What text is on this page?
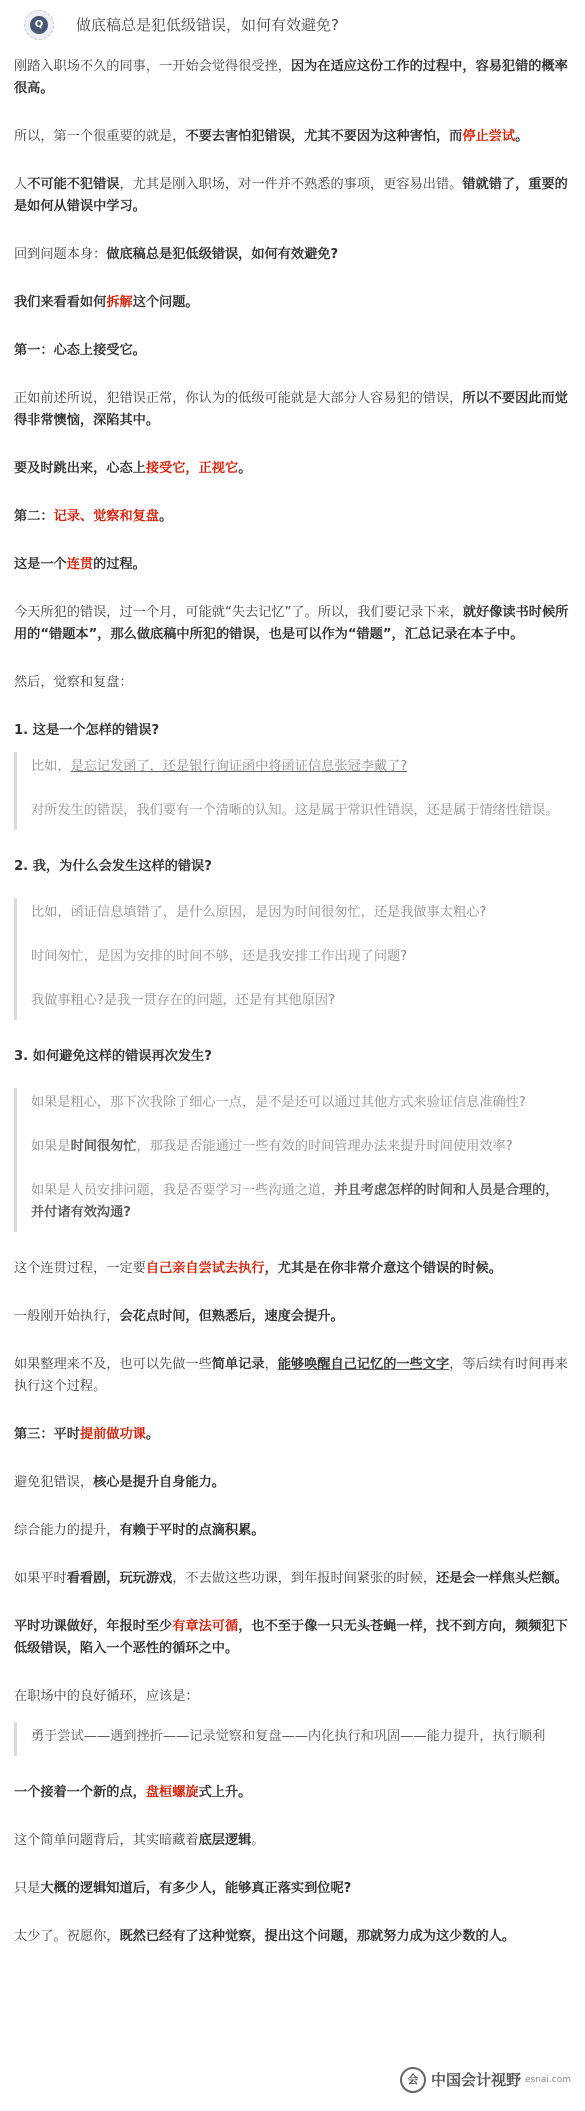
Q	做底稿总是犯低级错误，如何有效避免?

刚踏入职场不久的同事，一开始会觉得很受挫，因为在适应这份工作的过程中，容易犯错的概率很高。

所以，第一个很重要的就是，不要去害怕犯错误，尤其不要因为这种害怕，而停止尝试。

人不可能不犯错误，尤其是刚入职场，对一件并不熟悉的事项，更容易出错。错就错了，重要的是如何从错误中学习。

回到问题本身：做底稿总是犯低级错误，如何有效避免?

我们来看看如何拆解这个问题。

第一：心态上接受它。

正如前述所说，犯错误正常，你认为的低级可能就是大部分人容易犯的错误，所以不要因此而觉得非常懊恼，深陷其中。

要及时跳出来，心态上接受它，正视它。

第二：记录、觉察和复盘。

这是一个连贯的过程。

今天所犯的错误，过一个月，可能就“失去记忆”了。所以，我们要记录下来，就好像读书时候所用的“错题本”，那么做底稿中所犯的错误，也是可以作为“错题”，汇总记录在本子中。

然后，觉察和复盘：

1. 这是一个怎样的错误?

比如，是忘记发函了，还是银行询证函中将函证信息张冠李戴了?

对所发生的错误，我们要有一个清晰的认知。这是属于常识性错误，还是属于情绪性错误。

2. 我，为什么会发生这样的错误?

比如，函证信息填错了，是什么原因，是因为时间很匆忙，还是我做事太粗心?

时间匆忙，是因为安排的时间不够，还是我安排工作出现了问题?

我做事粗心?是我一贯存在的问题，还是有其他原因?

3. 如何避免这样的错误再次发生?

如果是粗心，那下次我除了细心一点，是不是还可以通过其他方式来验证信息准确性?

如果是时间很匆忙，那我是否能通过一些有效的时间管理办法来提升时间使用效率?

如果是人员安排问题，我是否要学习一些沟通之道，并且考虑怎样的时间和人员是合理的，并付诸有效沟通?

这个连贯过程，一定要自己亲自尝试去执行，尤其是在你非常介意这个错误的时候。

一般刚开始执行，会花点时间，但熟悉后，速度会提升。

如果整理来不及，也可以先做一些简单记录，能够唤醒自己记忆的一些文字，等后续有时间再来执行这个过程。

第三：平时提前做功课。

避免犯错误，核心是提升自身能力。

综合能力的提升，有赖于平时的点滴积累。

如果平时看看剧，玩玩游戏，不去做这些功课，到年报时间紧张的时候，还是会一样焦头烂额。

平时功课做好，年报时至少有章法可循，也不至于像一只无头苍蝇一样，找不到方向，频频犯下低级错误，陷入一个恶性的循环之中。

在职场中的良好循环，应该是：

勇于尝试——遇到挫折——记录觉察和复盘——内化执行和巩固——能力提升，执行顺利

一个接着一个新的点，盘桓螺旋式上升。

这个简单问题背后，其实暗藏着底层逻辑。

只是大概的逻辑知道后，有多少人，能够真正落实到位呢?

太少了。祝愿你，既然已经有了这种觉察，提出这个问题，那就努力成为这少数的人。

会 中国会计视野 esnai.com
